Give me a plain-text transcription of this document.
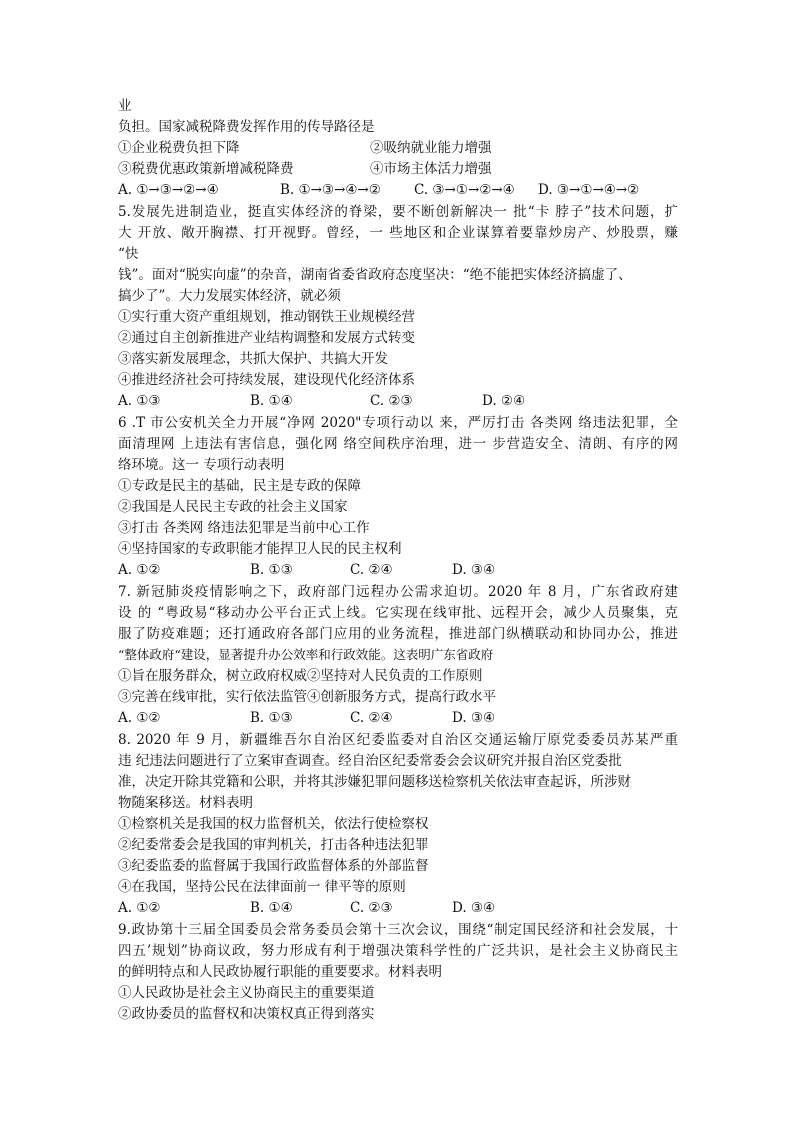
业
负担。国家减税降费发挥作用的传导路径是
①企业税费负担下降	②吸纳就业能力增强
③税费优惠政策新增减税降费	④市场主体活力增强
A. ①→③→②→④	B. ①→③→④→② C. ③→①→②→④ D. ③→①→④→②
5.发展先进制造业，挺直实体经济的脊梁，要不断创新解决一 批“卡 脖子”技术问题，扩
大 开放、敞开胸襟、打开视野。曾经，一 些地区和企业谋算着要靠炒房产、炒股票，赚
“快
钱”。面对“脱实向虚”的杂音，湖南省委省政府态度坚决：“绝不能把实体经济搞虚了、
搞少了”。大力发展实体经济，就必须
①实行重大资产重组规划，推动钢铁王业规模经营
②通过自主创新推进产业结构调整和发展方式转变
③落实新发展理念，共抓大保护、共搞大开发
④推进经济社会可持续发展，建设现代化经济体系
A. ①③	B. ①④	C. ②③	D. ②④
6 .T 市公安机关全力开展“净网 2020"专项行动以 来，严厉打击 各类网 络违法犯罪，全
面清理网 上违法有害信息，强化网 络空间秩序治理，进一 步营造安全、清朗、有序的网
络环境。这一 专项行动表明
①专政是民主的基础，民主是专政的保障
②我国是人民民主专政的社会主义国家
③打击 各类网 络违法犯罪是当前中心工作
④坚持国家的专政职能才能捍卫人民的民主权利
A. ①②	B. ①③	C. ②④	D. ③④
7. 新冠肺炎疫情影响之下，政府部门远程办公需求迫切。2020 年 8 月，广东省政府建
设 的 “粤政易“移动办公平台正式上线。它实现在线审批、远程开会，减少人员聚集，克
服了防疫难题；还打通政府各部门应用的业务流程，推进部门纵横联动和协同办公，推进
“整体政府“建设，显著提升办公效率和行政效能。这表明广东省政府
①旨在服务群众，树立政府权威②坚持对人民负责的工作原则
③完善在线审批，实行依法监管④创新服务方式，提高行政水平
A. ①②	B. ①③	C. ②④	D. ③④
8. 2020 年 9 月，新疆维吾尔自治区纪委监委对自治区交通运输厅原党委委员苏某严重
违 纪违法问题进行了立案审查调查。经自治区纪委常委会会议研究并报自治区党委批
准，决定开除其党籍和公职，并将其涉嫌犯罪问题移送检察机关依法审查起诉，所涉财
物随案移送。材料表明
①检察机关是我国的权力监督机关，依法行使检察权
②纪委常委会是我国的审判机关，打击各种违法犯罪
③纪委监委的监督属于我国行政监督体系的外部监督
④在我国，坚持公民在法律面前一 律平等的原则
A. ①②	B. ①④	C. ②③	D. ③④
9.政协第十三届全国委员会常务委员会第十三次会议，围绕“制定国民经济和社会发展，十
四五’规划”协商议政，努力形成有利于增强决策科学性的广泛共识，是社会主义协商民主
的鲜明特点和人民政协履行职能的重要要求。材料表明
①人民政协是社会主义协商民主的重要渠道
②政协委员的监督权和决策权真正得到落实
